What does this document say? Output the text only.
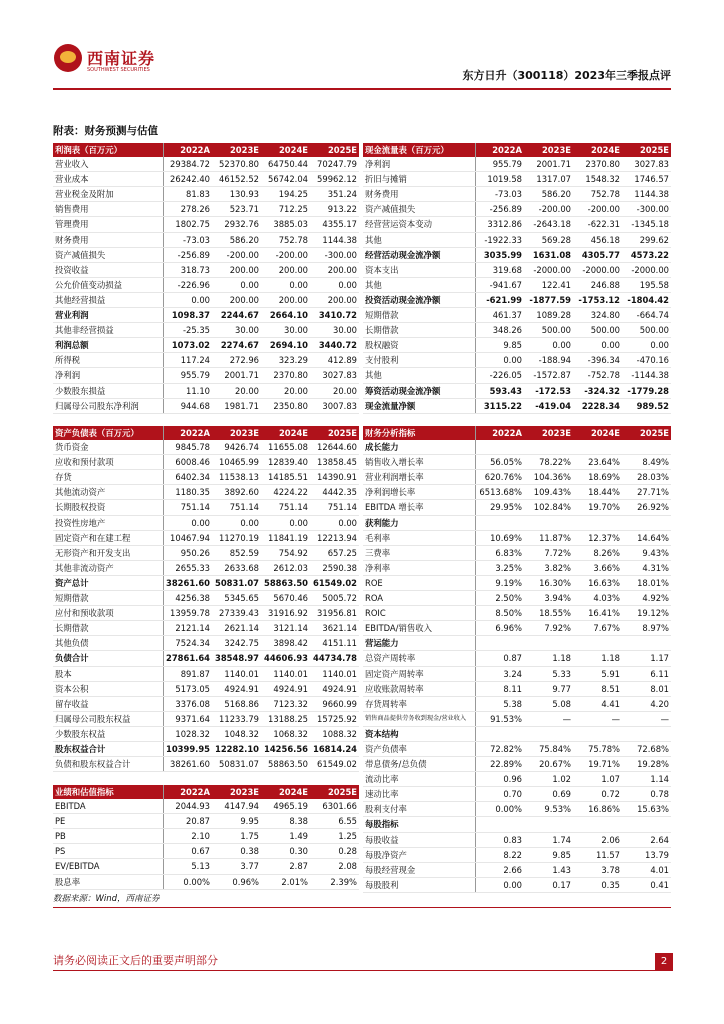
西南证券
SOUTHWEST SECURITIES	东方日升（300118）2023年三季报点评
附表：财务预测与估值
利润表（百万元）	2022A	2023E	2024E	2025E
营业收入	29384.72	52370.80	64750.44	70247.79
营业成本	26242.40	46152.52	56742.04	59962.12
营业税金及附加	81.83	130.93	194.25	351.24
销售费用	278.26	523.71	712.25	913.22
管理费用	1802.75	2932.76	3885.03	4355.17
财务费用	-73.03	586.20	752.78	1144.38
资产减值损失	-256.89	-200.00	-200.00	-300.00
投资收益	318.73	200.00	200.00	200.00
公允价值变动损益	-226.96	0.00	0.00	0.00
其他经营损益	0.00	200.00	200.00	200.00
营业利润	1098.37	2244.67	2664.10	3410.72
其他非经营损益	-25.35	30.00	30.00	30.00
利润总额	1073.02	2274.67	2694.10	3440.72
所得税	117.24	272.96	323.29	412.89
净利润	955.79	2001.71	2370.80	3027.83
少数股东损益	11.10	20.00	20.00	20.00
归属母公司股东净利润	944.68	1981.71	2350.80	3007.83
现金流量表（百万元）	2022A	2023E	2024E	2025E
净利润	955.79	2001.71	2370.80	3027.83
折旧与摊销	1019.58	1317.07	1548.32	1746.57
财务费用	-73.03	586.20	752.78	1144.38
资产减值损失	-256.89	-200.00	-200.00	-300.00
经营营运资本变动	3312.86	-2643.18	-622.31	-1345.18
其他	-1922.33	569.28	456.18	299.62
经营活动现金流净额	3035.99	1631.08	4305.77	4573.22
资本支出	319.68	-2000.00	-2000.00	-2000.00
其他	-941.67	122.41	246.88	195.58
投资活动现金流净额	-621.99	-1877.59	-1753.12	-1804.42
短期借款	461.37	1089.28	324.80	-664.74
长期借款	348.26	500.00	500.00	500.00
股权融资	9.85	0.00	0.00	0.00
支付股利	0.00	-188.94	-396.34	-470.16
其他	-226.05	-1572.87	-752.78	-1144.38
筹资活动现金流净额	593.43	-172.53	-324.32	-1779.28
现金流量净额	3115.22	-419.04	2228.34	989.52
资产负债表（百万元）	2022A	2023E	2024E	2025E
货币资金	9845.78	9426.74	11655.08	12644.60
应收和预付款项	6008.46	10465.99	12839.40	13858.45
存货	6402.34	11538.13	14185.51	14390.91
其他流动资产	1180.35	3892.60	4224.22	4442.35
长期股权投资	751.14	751.14	751.14	751.14
投资性房地产	0.00	0.00	0.00	0.00
固定资产和在建工程	10467.94	11270.19	11841.19	12213.94
无形资产和开发支出	950.26	852.59	754.92	657.25
其他非流动资产	2655.33	2633.68	2612.03	2590.38
资产总计	38261.60	50831.07	58863.50	61549.02
短期借款	4256.38	5345.65	5670.46	5005.72
应付和预收款项	13959.78	27339.43	31916.92	31956.81
长期借款	2121.14	2621.14	3121.14	3621.14
其他负债	7524.34	3242.75	3898.42	4151.11
负债合计	27861.64	38548.97	44606.93	44734.78
股本	891.87	1140.01	1140.01	1140.01
资本公积	5173.05	4924.91	4924.91	4924.91
留存收益	3376.08	5168.86	7123.32	9660.99
归属母公司股东权益	9371.64	11233.79	13188.25	15725.92
少数股东权益	1028.32	1048.32	1068.32	1088.32
股东权益合计	10399.95	12282.10	14256.56	16814.24
负债和股东权益合计	38261.60	50831.07	58863.50	61549.02
财务分析指标	2022A	2023E	2024E	2025E
成长能力				
销售收入增长率	56.05%	78.22%	23.64%	8.49%
营业利润增长率	620.76%	104.36%	18.69%	28.03%
净利润增长率	6513.68%	109.43%	18.44%	27.71%
EBITDA 增长率	29.95%	102.84%	19.70%	26.92%
获利能力				
毛利率	10.69%	11.87%	12.37%	14.64%
三费率	6.83%	7.72%	8.26%	9.43%
净利率	3.25%	3.82%	3.66%	4.31%
ROE	9.19%	16.30%	16.63%	18.01%
ROA	2.50%	3.94%	4.03%	4.92%
ROIC	8.50%	18.55%	16.41%	19.12%
EBITDA/销售收入	6.96%	7.92%	7.67%	8.97%
营运能力				
总资产周转率	0.87	1.18	1.18	1.17
固定资产周转率	3.24	5.33	5.91	6.11
应收账款周转率	8.11	9.77	8.51	8.01
存货周转率	5.38	5.08	4.41	4.20
销售商品提供劳务收到现金/营业收入	91.53%	—	—	—
资本结构				
资产负债率	72.82%	75.84%	75.78%	72.68%
带息债务/总负债	22.89%	20.67%	19.71%	19.28%
流动比率	0.96	1.02	1.07	1.14
速动比率	0.70	0.69	0.72	0.78
股利支付率	0.00%	9.53%	16.86%	15.63%
每股指标				
每股收益	0.83	1.74	2.06	2.64
每股净资产	8.22	9.85	11.57	13.79
每股经营现金	2.66	1.43	3.78	4.01
每股股利	0.00	0.17	0.35	0.41
业绩和估值指标	2022A	2023E	2024E	2025E
EBITDA	2044.93	4147.94	4965.19	6301.66
PE	20.87	9.95	8.38	6.55
PB	2.10	1.75	1.49	1.25
PS	0.67	0.38	0.30	0.28
EV/EBITDA	5.13	3.77	2.87	2.08
股息率	0.00%	0.96%	2.01%	2.39%
数据来源：Wind，西南证券
请务必阅读正文后的重要声明部分	2
